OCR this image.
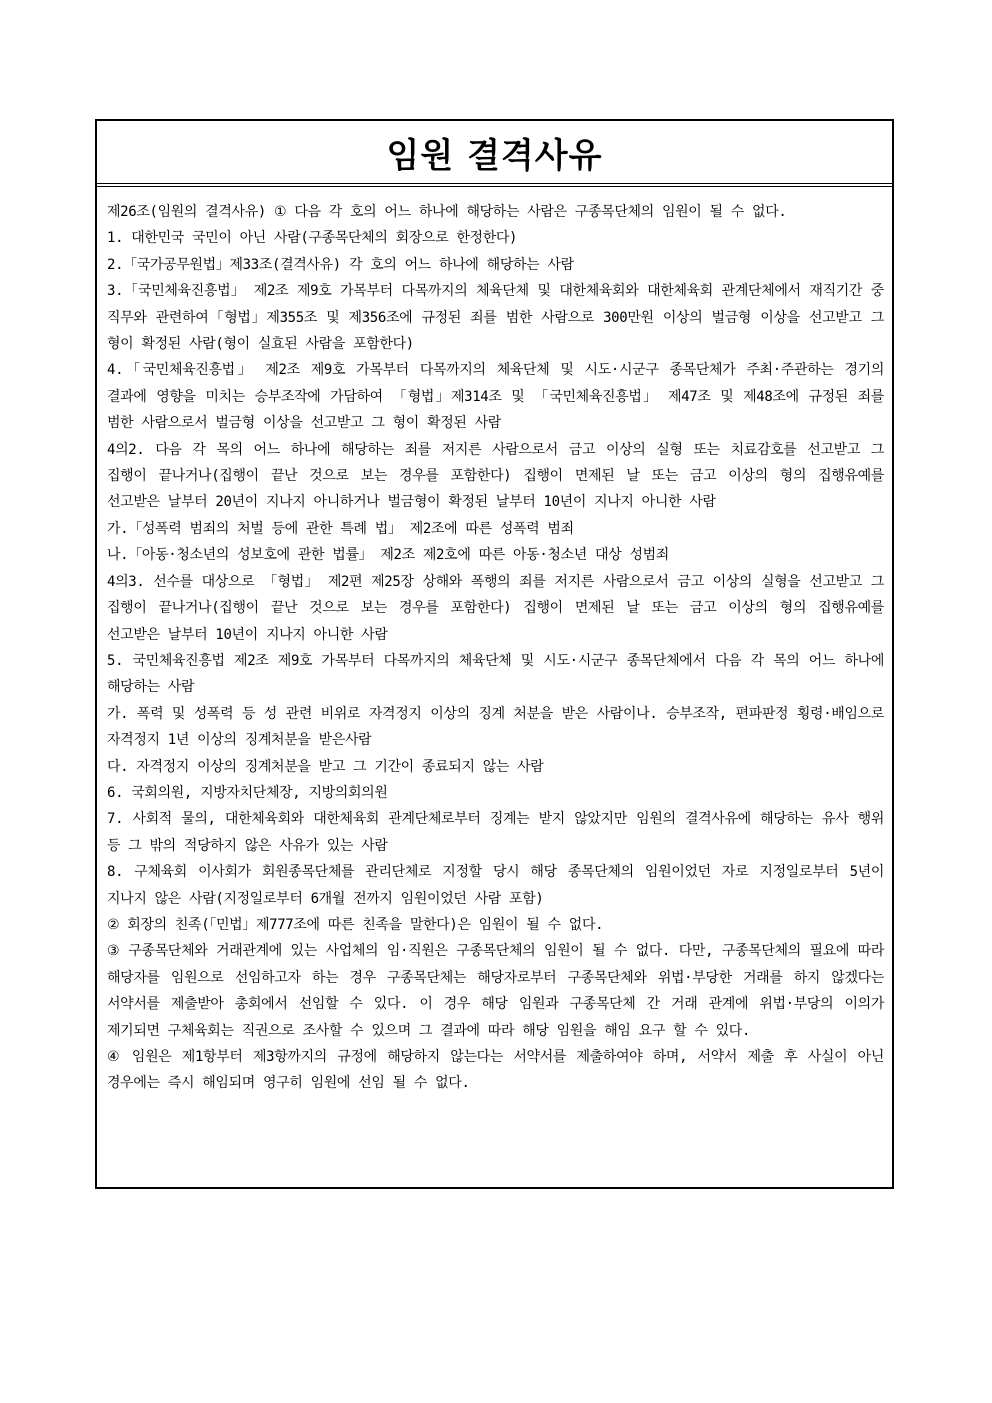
임원 결격사유

제26조(임원의 결격사유) ① 다음 각 호의 어느 하나에 해당하는 사람은 구종목단체의 임원이 될 수 없다.

1. 대한민국 국민이 아닌 사람(구종목단체의 회장으로 한정한다)

2.「국가공무원법」제33조(결격사유) 각 호의 어느 하나에 해당하는 사람

3.「국민체육진흥법」 제2조 제9호 가목부터 다목까지의 체육단체 및 대한체육회와 대한체육회 관계단체에서 재직기간 중 직무와 관련하여「형법」제355조 및 제356조에 규정된 죄를 범한 사람으로 300만원 이상의 벌금형 이상을 선고받고 그 형이 확정된 사람(형이 실효된 사람을 포함한다)

4.「국민체육진흥법」 제2조 제9호 가목부터 다목까지의 체육단체 및 시도·시군구 종목단체가 주최·주관하는 경기의 결과에 영향을 미치는 승부조작에 가담하여 「형법」제314조 및 「국민체육진흥법」 제47조 및 제48조에 규정된 죄를 범한 사람으로서 벌금형 이상을 선고받고 그 형이 확정된 사람

4의2. 다음 각 목의 어느 하나에 해당하는 죄를 저지른 사람으로서 금고 이상의 실형 또는 치료감호를 선고받고 그 집행이 끝나거나(집행이 끝난 것으로 보는 경우를 포함한다) 집행이 면제된 날 또는 금고 이상의 형의 집행유예를 선고받은 날부터 20년이 지나지 아니하거나 벌금형이 확정된 날부터 10년이 지나지 아니한 사람

가.「성폭력 범죄의 처벌 등에 관한 특례 법」 제2조에 따른 성폭력 범죄

나.「아동·청소년의 성보호에 관한 법률」 제2조 제2호에 따른 아동·청소년 대상 성범죄

4의3. 선수를 대상으로 「형법」 제2편 제25장 상해와 폭행의 죄를 저지른 사람으로서 금고 이상의 실형을 선고받고 그 집행이 끝나거나(집행이 끝난 것으로 보는 경우를 포함한다) 집행이 면제된 날 또는 금고 이상의 형의 집행유예를 선고받은 날부터 10년이 지나지 아니한 사람

5. 국민체육진흥법 제2조 제9호 가목부터 다목까지의 체육단체 및 시도·시군구 종목단체에서 다음 각 목의 어느 하나에 해당하는 사람

가. 폭력 및 성폭력 등 성 관련 비위로 자격정지 이상의 징계 처분을 받은 사람이나. 승부조작, 편파판정 횡령·배임으로 자격정지 1년 이상의 징계처분을 받은사람

다. 자격정지 이상의 징계처분을 받고 그 기간이 종료되지 않는 사람

6. 국회의원, 지방자치단체장, 지방의회의원

7. 사회적 물의, 대한체육회와 대한체육회 관계단체로부터 징계는 받지 않았지만 임원의 결격사유에 해당하는 유사 행위 등 그 밖의 적당하지 않은 사유가 있는 사람

8. 구체육회 이사회가 회원종목단체를 관리단체로 지정할 당시 해당 종목단체의 임원이었던 자로 지정일로부터 5년이 지나지 않은 사람(지정일로부터 6개월 전까지 임원이었던 사람 포함)

② 회장의 친족(「민법」제777조에 따른 친족을 말한다)은 임원이 될 수 없다.

③ 구종목단체와 거래관계에 있는 사업체의 임·직원은 구종목단체의 임원이 될 수 없다. 다만, 구종목단체의 필요에 따라 해당자를 임원으로 선임하고자 하는 경우 구종목단체는 해당자로부터 구종목단체와 위법·부당한 거래를 하지 않겠다는 서약서를 제출받아 총회에서 선임할 수 있다. 이 경우 해당 임원과 구종목단체 간 거래 관계에 위법·부당의 이의가 제기되면 구체육회는 직권으로 조사할 수 있으며 그 결과에 따라 해당 임원을 해임 요구 할 수 있다.

④ 임원은 제1항부터 제3항까지의 규정에 해당하지 않는다는 서약서를 제출하여야 하며, 서약서 제출 후 사실이 아닌 경우에는 즉시 해임되며 영구히 임원에 선임 될 수 없다.
